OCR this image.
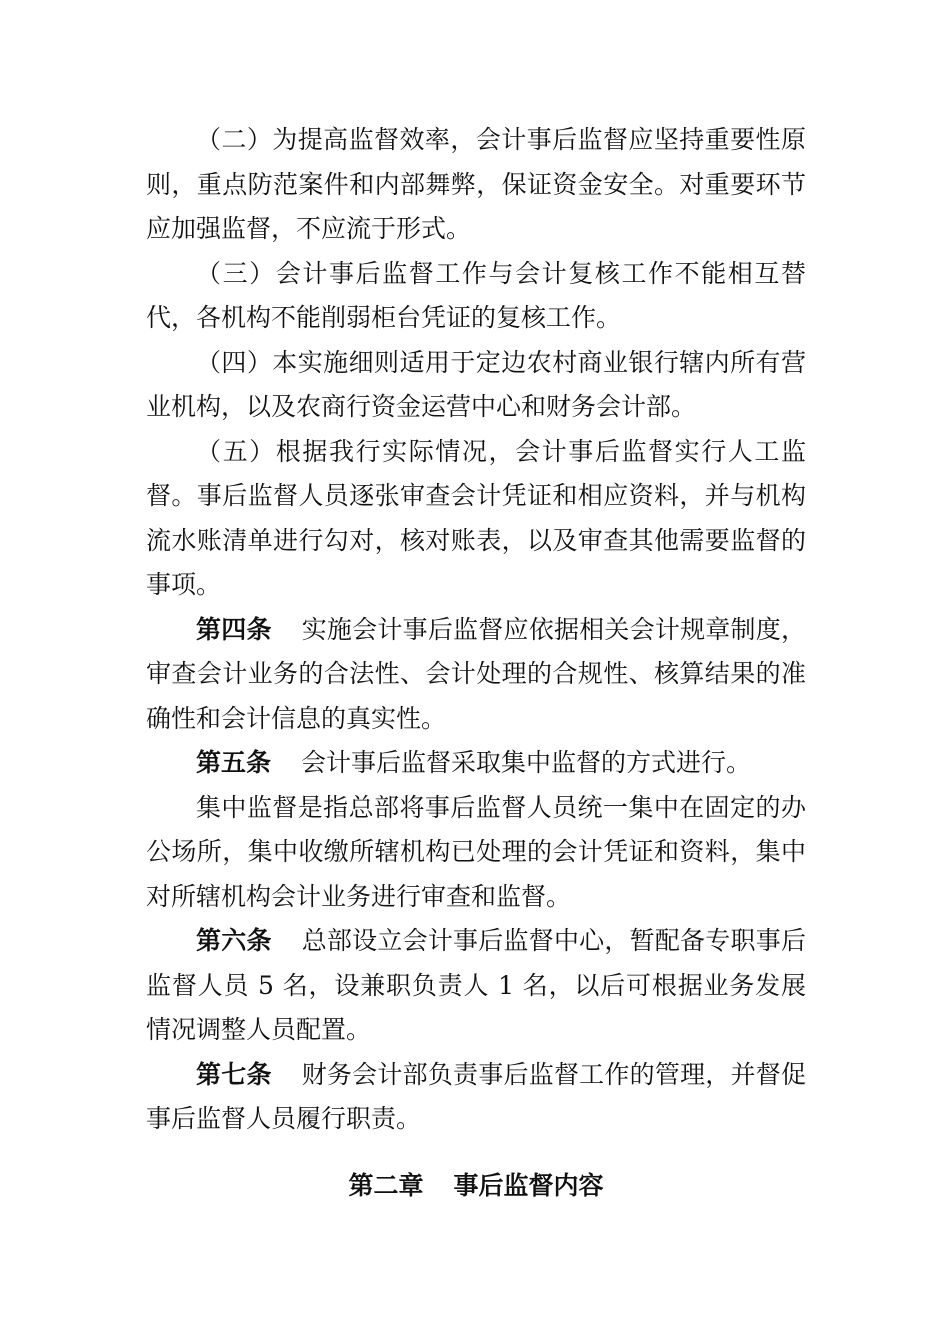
（二）为提高监督效率，会计事后监督应坚持重要性原则，重点防范案件和内部舞弊，保证资金安全。对重要环节应加强监督，不应流于形式。

（三）会计事后监督工作与会计复核工作不能相互替代，各机构不能削弱柜台凭证的复核工作。

（四）本实施细则适用于定边农村商业银行辖内所有营业机构，以及农商行资金运营中心和财务会计部。

（五）根据我行实际情况，会计事后监督实行人工监督。事后监督人员逐张审查会计凭证和相应资料，并与机构流水账清单进行勾对，核对账表，以及审查其他需要监督的事项。

第四条 实施会计事后监督应依据相关会计规章制度，审查会计业务的合法性、会计处理的合规性、核算结果的准确性和会计信息的真实性。

第五条 会计事后监督采取集中监督的方式进行。

集中监督是指总部将事后监督人员统一集中在固定的办公场所，集中收缴所辖机构已处理的会计凭证和资料，集中对所辖机构会计业务进行审查和监督。

第六条 总部设立会计事后监督中心，暂配备专职事后监督人员 5 名，设兼职负责人 1 名，以后可根据业务发展情况调整人员配置。

第七条 财务会计部负责事后监督工作的管理，并督促事后监督人员履行职责。

第二章 事后监督内容
